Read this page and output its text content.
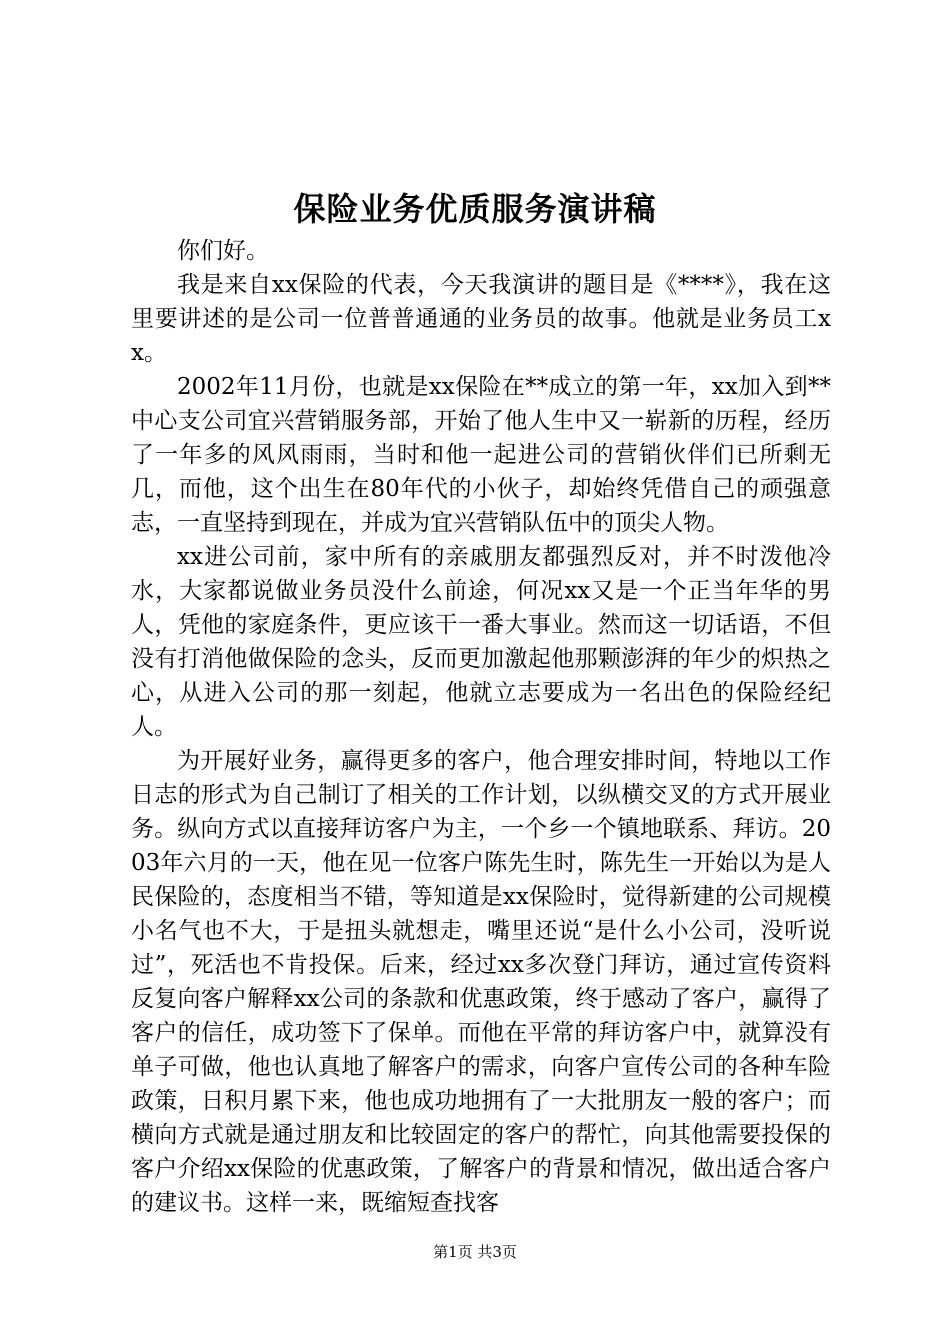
保险业务优质服务演讲稿

你们好。

我是来自xx保险的代表，今天我演讲的题目是《****》，我在这里要讲述的是公司一位普普通通的业务员的故事。他就是业务员工xx。

2002年11月份，也就是xx保险在**成立的第一年，xx加入到**中心支公司宜兴营销服务部，开始了他人生中又一崭新的历程，经历了一年多的风风雨雨，当时和他一起进公司的营销伙伴们已所剩无几，而他，这个出生在80年代的小伙子，却始终凭借自己的顽强意志，一直坚持到现在，并成为宜兴营销队伍中的顶尖人物。

xx进公司前，家中所有的亲戚朋友都强烈反对，并不时泼他冷水，大家都说做业务员没什么前途，何况xx又是一个正当年华的男人，凭他的家庭条件，更应该干一番大事业。然而这一切话语，不但没有打消他做保险的念头，反而更加激起他那颗澎湃的年少的炽热之心，从进入公司的那一刻起，他就立志要成为一名出色的保险经纪人。

为开展好业务，赢得更多的客户，他合理安排时间，特地以工作日志的形式为自己制订了相关的工作计划，以纵横交叉的方式开展业务。纵向方式以直接拜访客户为主，一个乡一个镇地联系、拜访。2003年六月的一天，他在见一位客户陈先生时，陈先生一开始以为是人民保险的，态度相当不错，等知道是xx保险时，觉得新建的公司规模小名气也不大，于是扭头就想走，嘴里还说“是什么小公司，没听说过”，死活也不肯投保。后来，经过xx多次登门拜访，通过宣传资料反复向客户解释xx公司的条款和优惠政策，终于感动了客户，赢得了客户的信任，成功签下了保单。而他在平常的拜访客户中，就算没有单子可做，他也认真地了解客户的需求，向客户宣传公司的各种车险政策，日积月累下来，他也成功地拥有了一大批朋友一般的客户；而横向方式就是通过朋友和比较固定的客户的帮忙，向其他需要投保的客户介绍xx保险的优惠政策，了解客户的背景和情况，做出适合客户的建议书。这样一来，既缩短查找客

第1页 共3页
